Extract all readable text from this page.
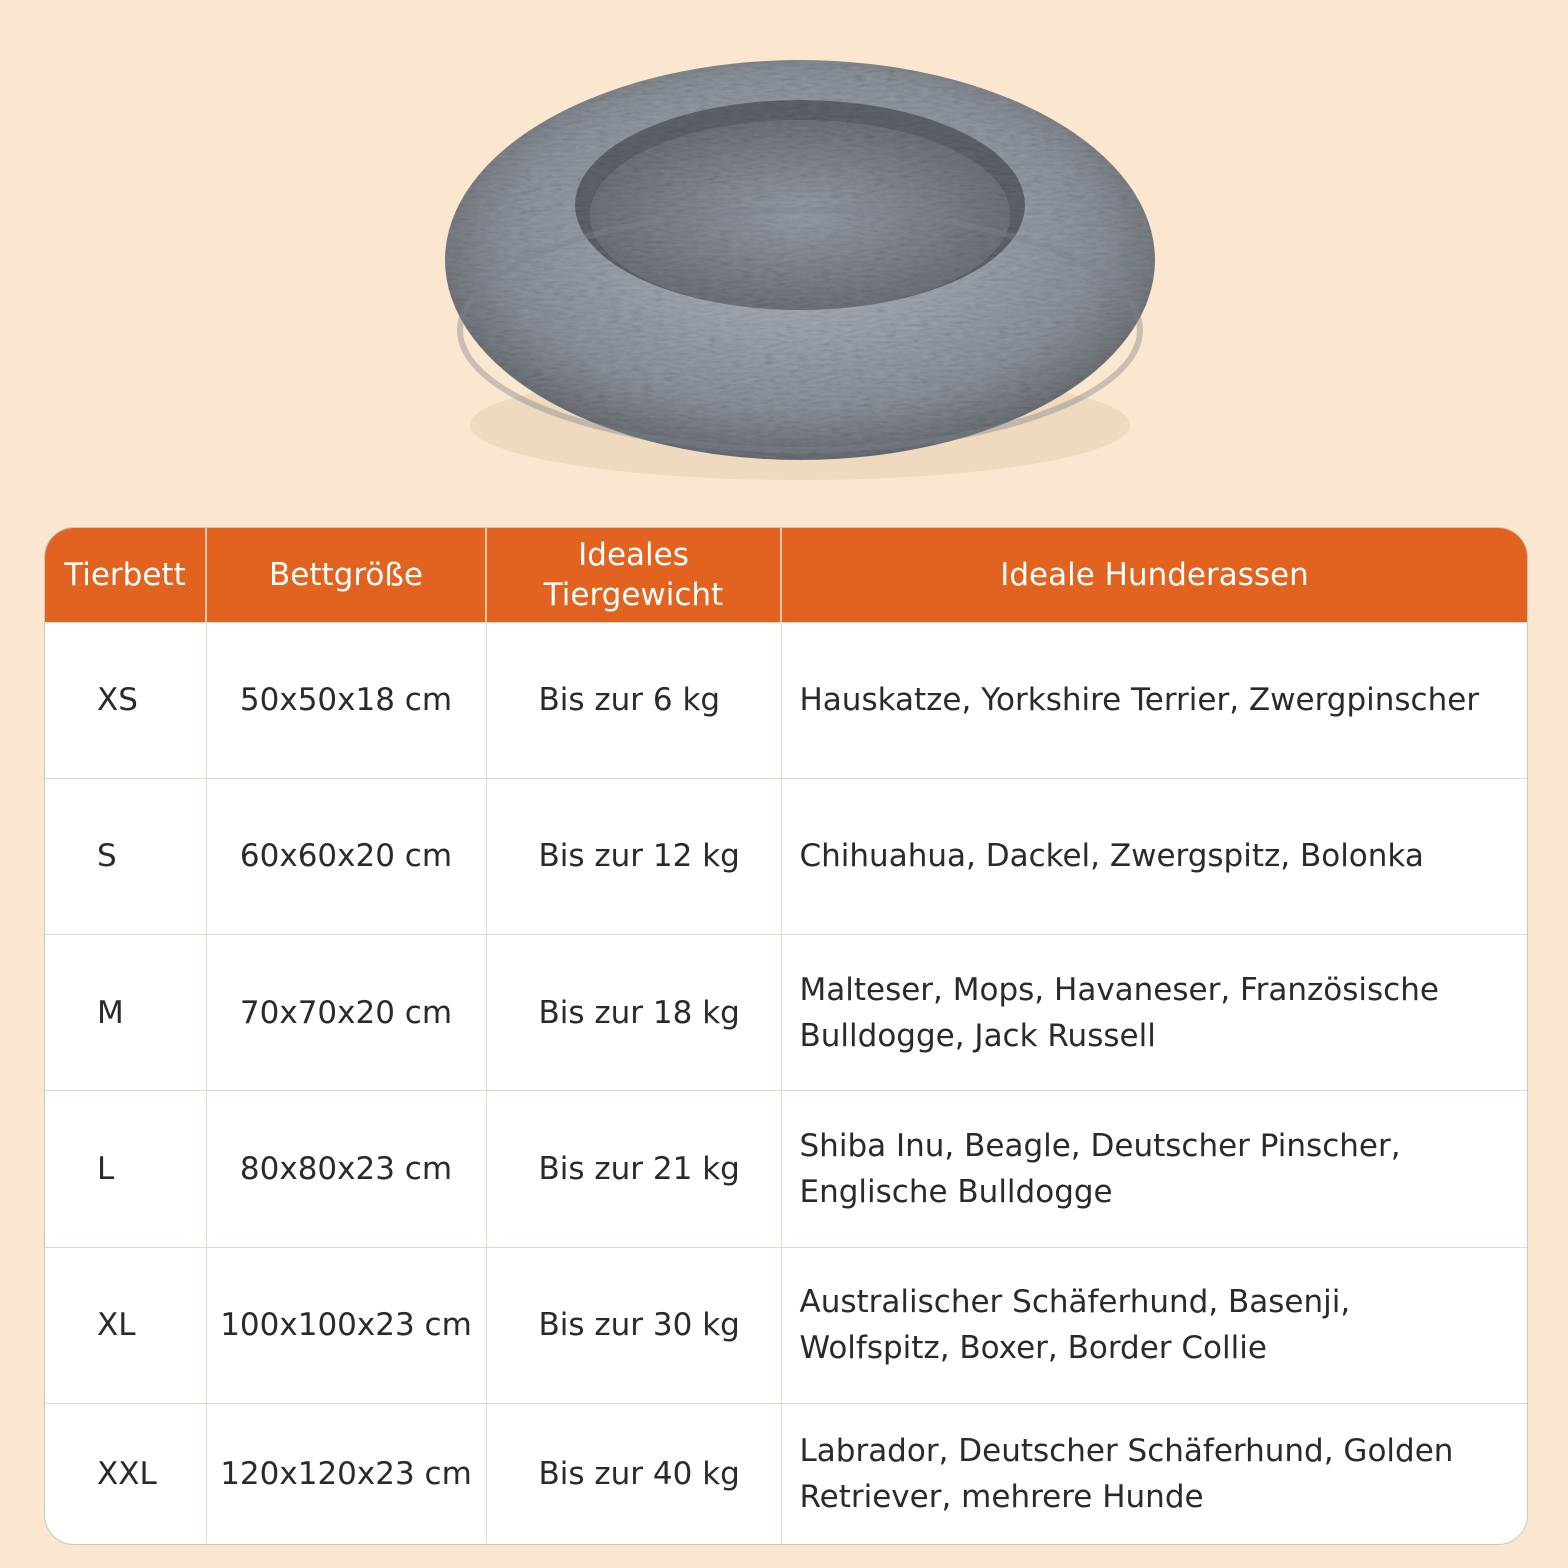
Tierbett	Bettgröße	Ideales Tiergewicht	Ideale Hunderassen
XS	50x50x18 cm	Bis zur 6 kg	Hauskatze, Yorkshire Terrier, Zwergpinscher
S	60x60x20 cm	Bis zur 12 kg	Chihuahua, Dackel, Zwergspitz, Bolonka
M	70x70x20 cm	Bis zur 18 kg	Malteser, Mops, Havaneser, Französische Bulldogge, Jack Russell
L	80x80x23 cm	Bis zur 21 kg	Shiba Inu, Beagle, Deutscher Pinscher, Englische Bulldogge
XL	100x100x23 cm	Bis zur 30 kg	Australischer Schäferhund, Basenji, Wolfspitz, Boxer, Border Collie
XXL	120x120x23 cm	Bis zur 40 kg	Labrador, Deutscher Schäferhund, Golden Retriever, mehrere Hunde
